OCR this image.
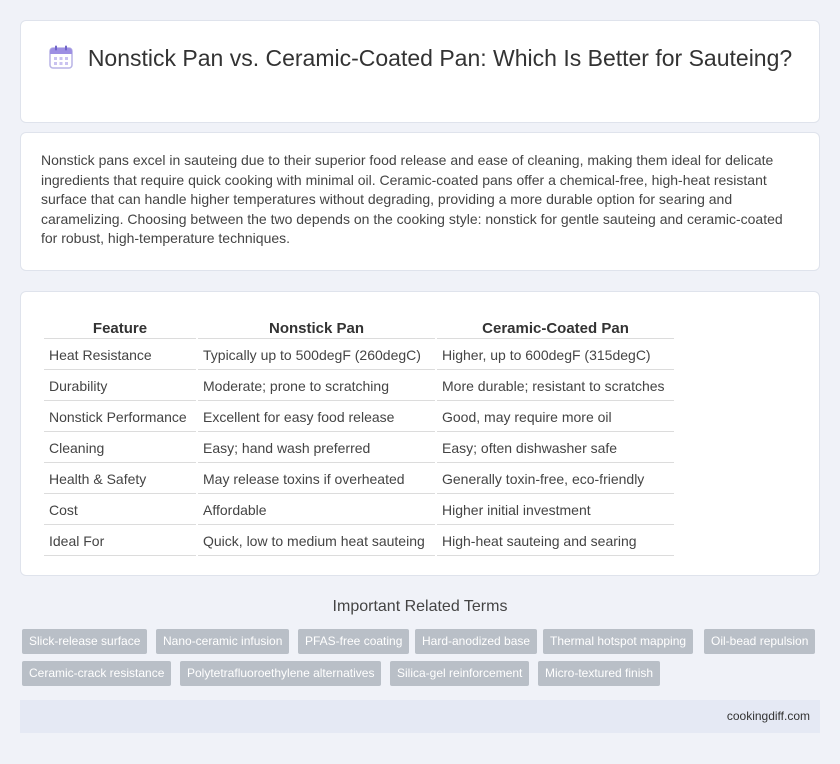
Nonstick Pan vs. Ceramic-Coated Pan: Which Is Better for Sauteing?

Nonstick pans excel in sauteing due to their superior food release and ease of cleaning, making them ideal for delicate ingredients that require quick cooking with minimal oil. Ceramic-coated pans offer a chemical-free, high-heat resistant surface that can handle higher temperatures without degrading, providing a more durable option for searing and caramelizing. Choosing between the two depends on the cooking style: nonstick for gentle sauteing and ceramic-coated for robust, high-temperature techniques.

Feature	Nonstick Pan	Ceramic-Coated Pan
Heat Resistance	Typically up to 500degF (260degC)	Higher, up to 600degF (315degC)
Durability	Moderate; prone to scratching	More durable; resistant to scratches
Nonstick Performance	Excellent for easy food release	Good, may require more oil
Cleaning	Easy; hand wash preferred	Easy; often dishwasher safe
Health & Safety	May release toxins if overheated	Generally toxin-free, eco-friendly
Cost	Affordable	Higher initial investment
Ideal For	Quick, low to medium heat sauteing	High-heat sauteing and searing
Important Related Terms
Slick-release surface	Nano-ceramic infusion	PFAS-free coating	Hard-anodized base	Thermal hotspot mapping	Oil-bead repulsion
Ceramic-crack resistance	Polytetrafluoroethylene alternatives	Silica-gel reinforcement	Micro-textured finish
cookingdiff.com
